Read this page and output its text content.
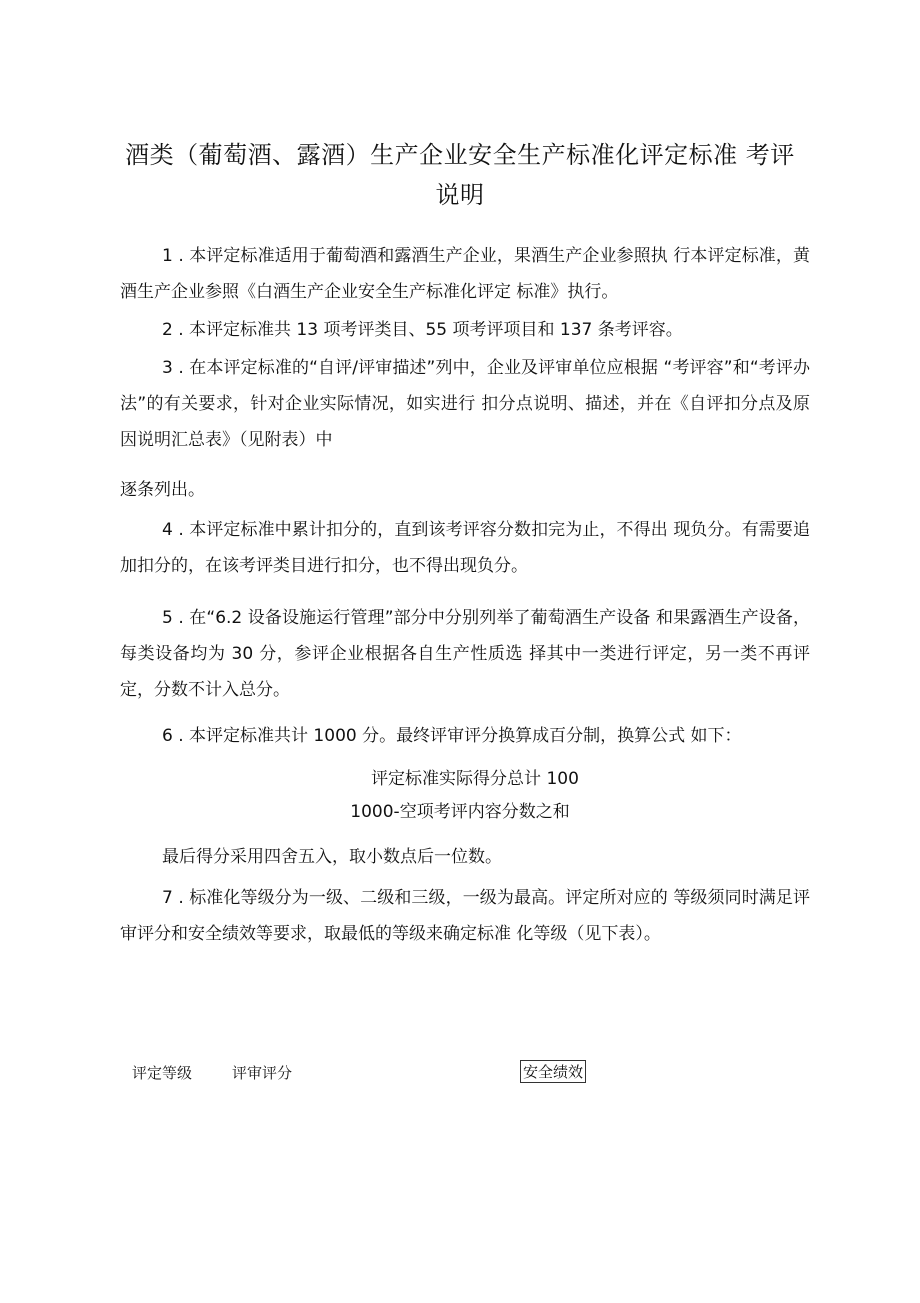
酒类（葡萄酒、露酒）生产企业安全生产标准化评定标准 考评
说明
1 . 本评定标准适用于葡萄酒和露酒生产企业，果酒生产企业参照执 行本评定标准，黄酒生产企业参照《白酒生产企业安全生产标准化评定 标准》执行。
2 . 本评定标准共 13 项考评类目、55 项考评项目和 137 条考评容。
3 . 在本评定标准的“自评/评审描述”列中，企业及评审单位应根据 “考评容”和“考评办法”的有关要求，针对企业实际情况，如实进行 扣分点说明、描述，并在《自评扣分点及原因说明汇总表》（见附表）中
逐条列出。
4 . 本评定标准中累计扣分的，直到该考评容分数扣完为止，不得出 现负分。有需要追加扣分的，在该考评类目进行扣分，也不得出现负分。
5 . 在“6.2 设备设施运行管理”部分中分别列举了葡萄酒生产设备 和果露酒生产设备，每类设备均为 30 分，参评企业根据各自生产性质选 择其中一类进行评定，另一类不再评定，分数不计入总分。
6 . 本评定标准共计 1000 分。最终评审评分换算成百分制，换算公式 如下：
评定标准实际得分总计 100
1000-空项考评内容分数之和
最后得分采用四舍五入，取小数点后一位数。
7 . 标准化等级分为一级、二级和三级，一级为最高。评定所对应的 等级须同时满足评审评分和安全绩效等要求，取最低的等级来确定标准 化等级（见下表）。
评定等级	评审评分	安全绩效
